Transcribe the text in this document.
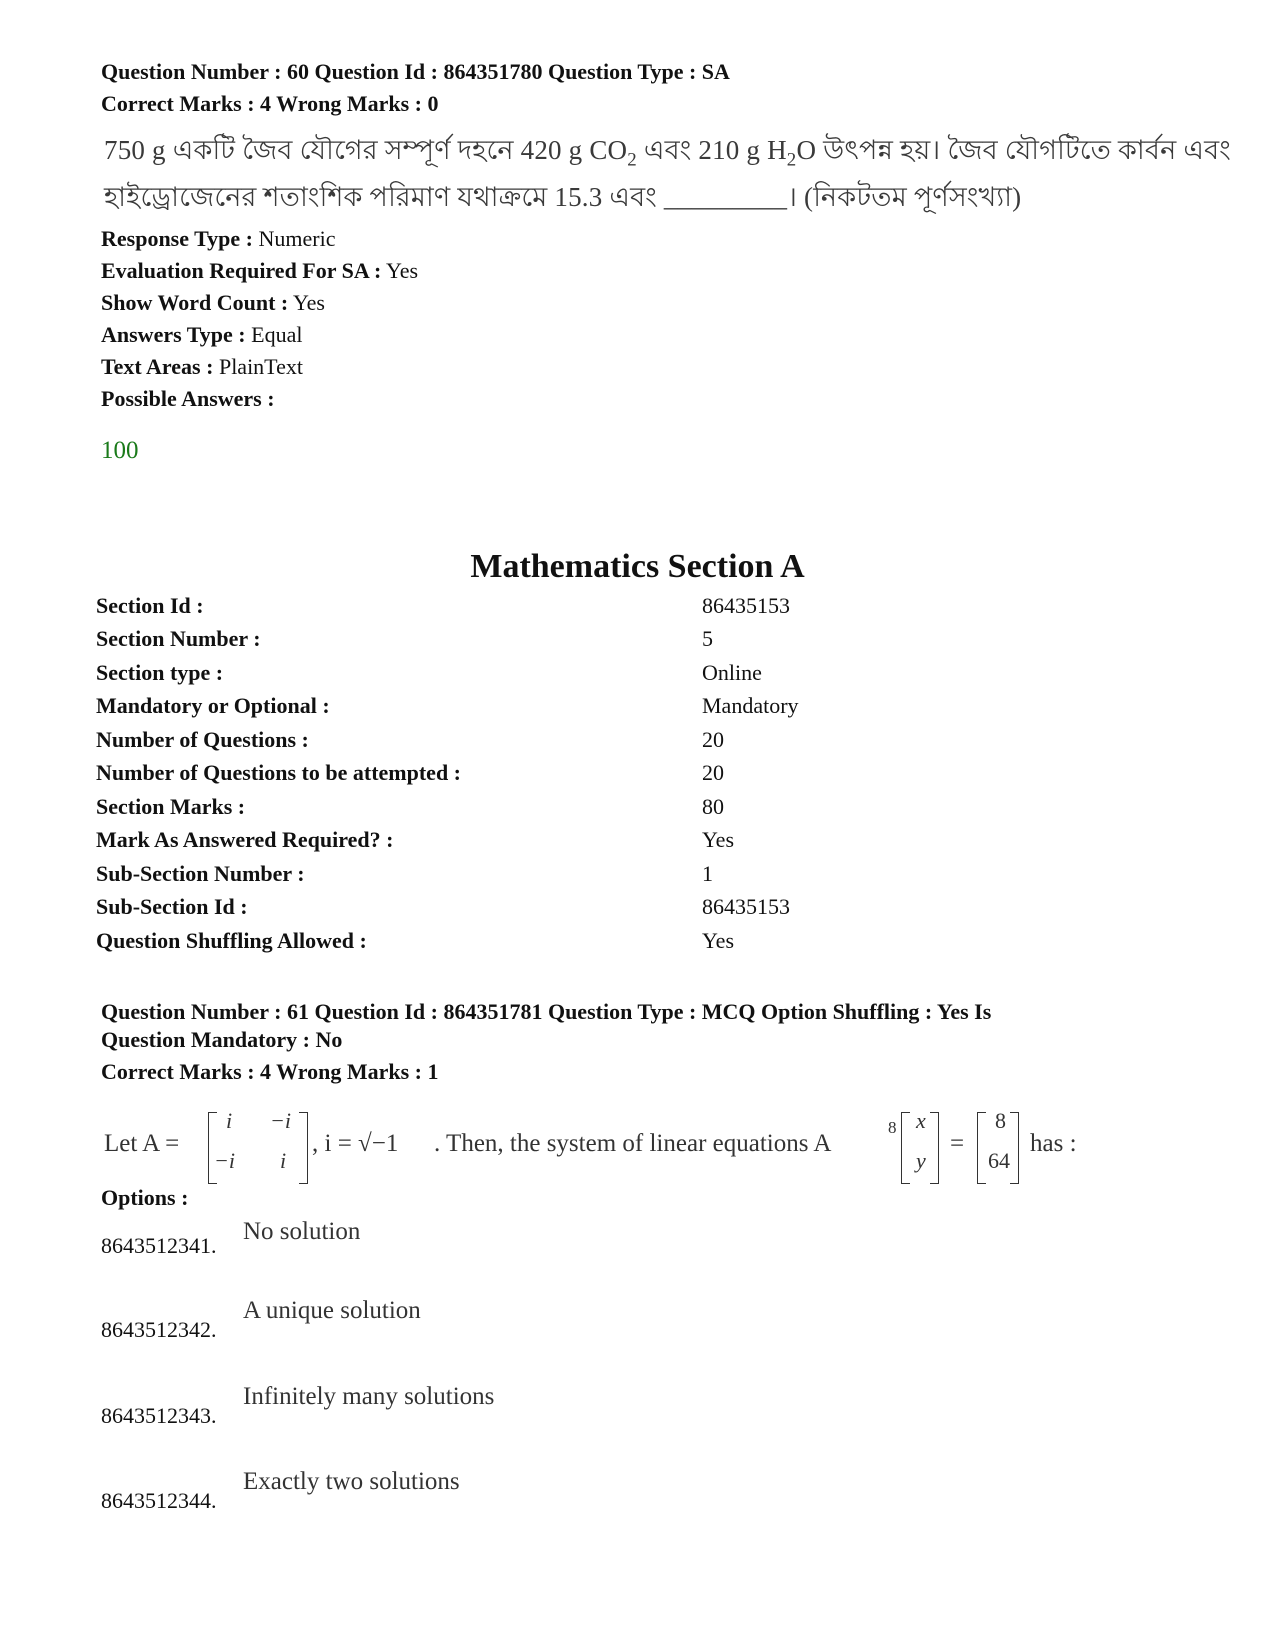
Question Number : 60 Question Id : 864351780 Question Type : SA
Correct Marks : 4 Wrong Marks : 0
750 g একটি জৈব যৌগের সম্পূর্ণ দহনে 420 g $CO_2$ এবং 210 g $H_2O$ উৎপন্ন হয়। জৈব যৌগটিতে কার্বন এবং
হাইড্রোজেনের শতাংশিক পরিমাণ যথাক্রমে 15.3 এবং _________। (নিকটতম পূর্ণসংখ্যা)
Response Type : Numeric
Evaluation Required For SA : Yes
Show Word Count : Yes
Answers Type : Equal
Text Areas : PlainText
Possible Answers :
100
Mathematics Section A
Section Id :	86435153
Section Number :	5
Section type :	Online
Mandatory or Optional :	Mandatory
Number of Questions :	20
Number of Questions to be attempted :	20
Section Marks :	80
Mark As Answered Required? :	Yes
Sub-Section Number :	1
Sub-Section Id :	86435153
Question Shuffling Allowed :	Yes
Question Number : 61 Question Id : 864351781 Question Type : MCQ Option Shuffling : Yes Is
Question Mandatory : No
Correct Marks : 4 Wrong Marks : 1
Let A =
i −i
−i i
, i = √−1 . Then, the system of linear equations A
8 x
y
=
8
64
has :
Options :
8643512341.
No solution
8643512342.
A unique solution
8643512343.
Infinitely many solutions
8643512344.
Exactly two solutions
